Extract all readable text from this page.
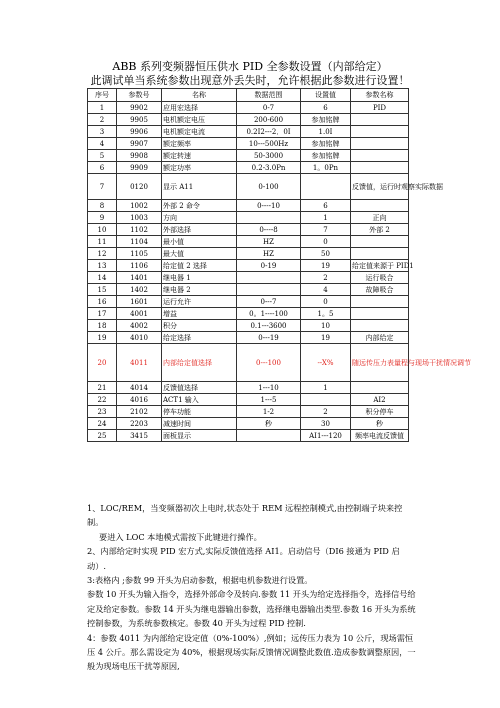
ABB 系列变频器恒压供水 PID 全参数设置（内部给定）
此调试单当系统参数出现意外丢失时，允许根据此参数进行设置！
序号	参数号	名称	数据范围	设置值	参数名称
1	9902	应用宏选择	0-7	6	PID
2	9905	电机额定电压	200-600	参加铭牌	
3	9906	电机额定电流	0.2I2---2．0I	1.0I	
4	9907	额定频率	10---500Hz	参加铭牌	
5	9908	额定转速	50-3000	参加铭牌	
6	9909	额定功率	0.2-3.0Pn	1。0Pn	
7	0120	显示 A11	0-100		反馈值，运行时观察实际数据
8	1002	外部 2 命令	0----10	6	
9	1003	方向		1	正向
10	1102	外部选择	0----8	7	外部 2
11	1104	最小值	HZ	0	
12	1105	最大值	HZ	50	
13	1106	给定值 2 选择	0-19	19	给定值来源于 PID1
14	1401	继电器 1		2	运行吸合
15	1402	继电器 2		4	故障吸合
16	1601	运行允许	0---7	0	
17	4001	增益	0。1----100	1。5	
18	4002	积分	0.1---3600	10	
19	4010	给定选择	0---19	19	内部给定
20	4011	内部给定值选择	0---100	--X%	随远传压力表量程与现场干扰情况调节
21	4014	反馈值选择	1---10	1	
22	4016	ACT1 输入	1---5		AI2
23	2102	停车功能	1-2	2	积分停车
24	2203	减速时间	秒	30	秒
25	3415	面板显示		AI1---120	频率电流反馈值

1、LOC/REM，当变频器初次上电时,状态处于 REM 远程控制模式,由控制端子块来控制。

要进入 LOC 本地模式需按下此键进行操作。

2、内部给定时实现 PID 宏方式,实际反馈值选择 AI1。启动信号（DI6 接通为 PID 启动）.

3:表格内 ;参数 99 开头为启动参数，根据电机参数进行设置。

参数 10 开头为输入指令，选择外部命令及转向.参数 11 开头为给定选择指令，选择信号给定及给定参数。参数 14 开头为继电器输出参数，选择继电器输出类型.参数 16 开头为系统控制参数，为系统参数核定。参数 40 开头为过程 PID 控制.

4：参数 4011 为内部给定设定值（0%-100%）,例如；远传压力表为 10 公斤，现场需恒压 4 公斤。那么需设定为 40%，根据现场实际反馈情况调整此数值.造成参数调整原因，一般为现场电压干扰等原因,
